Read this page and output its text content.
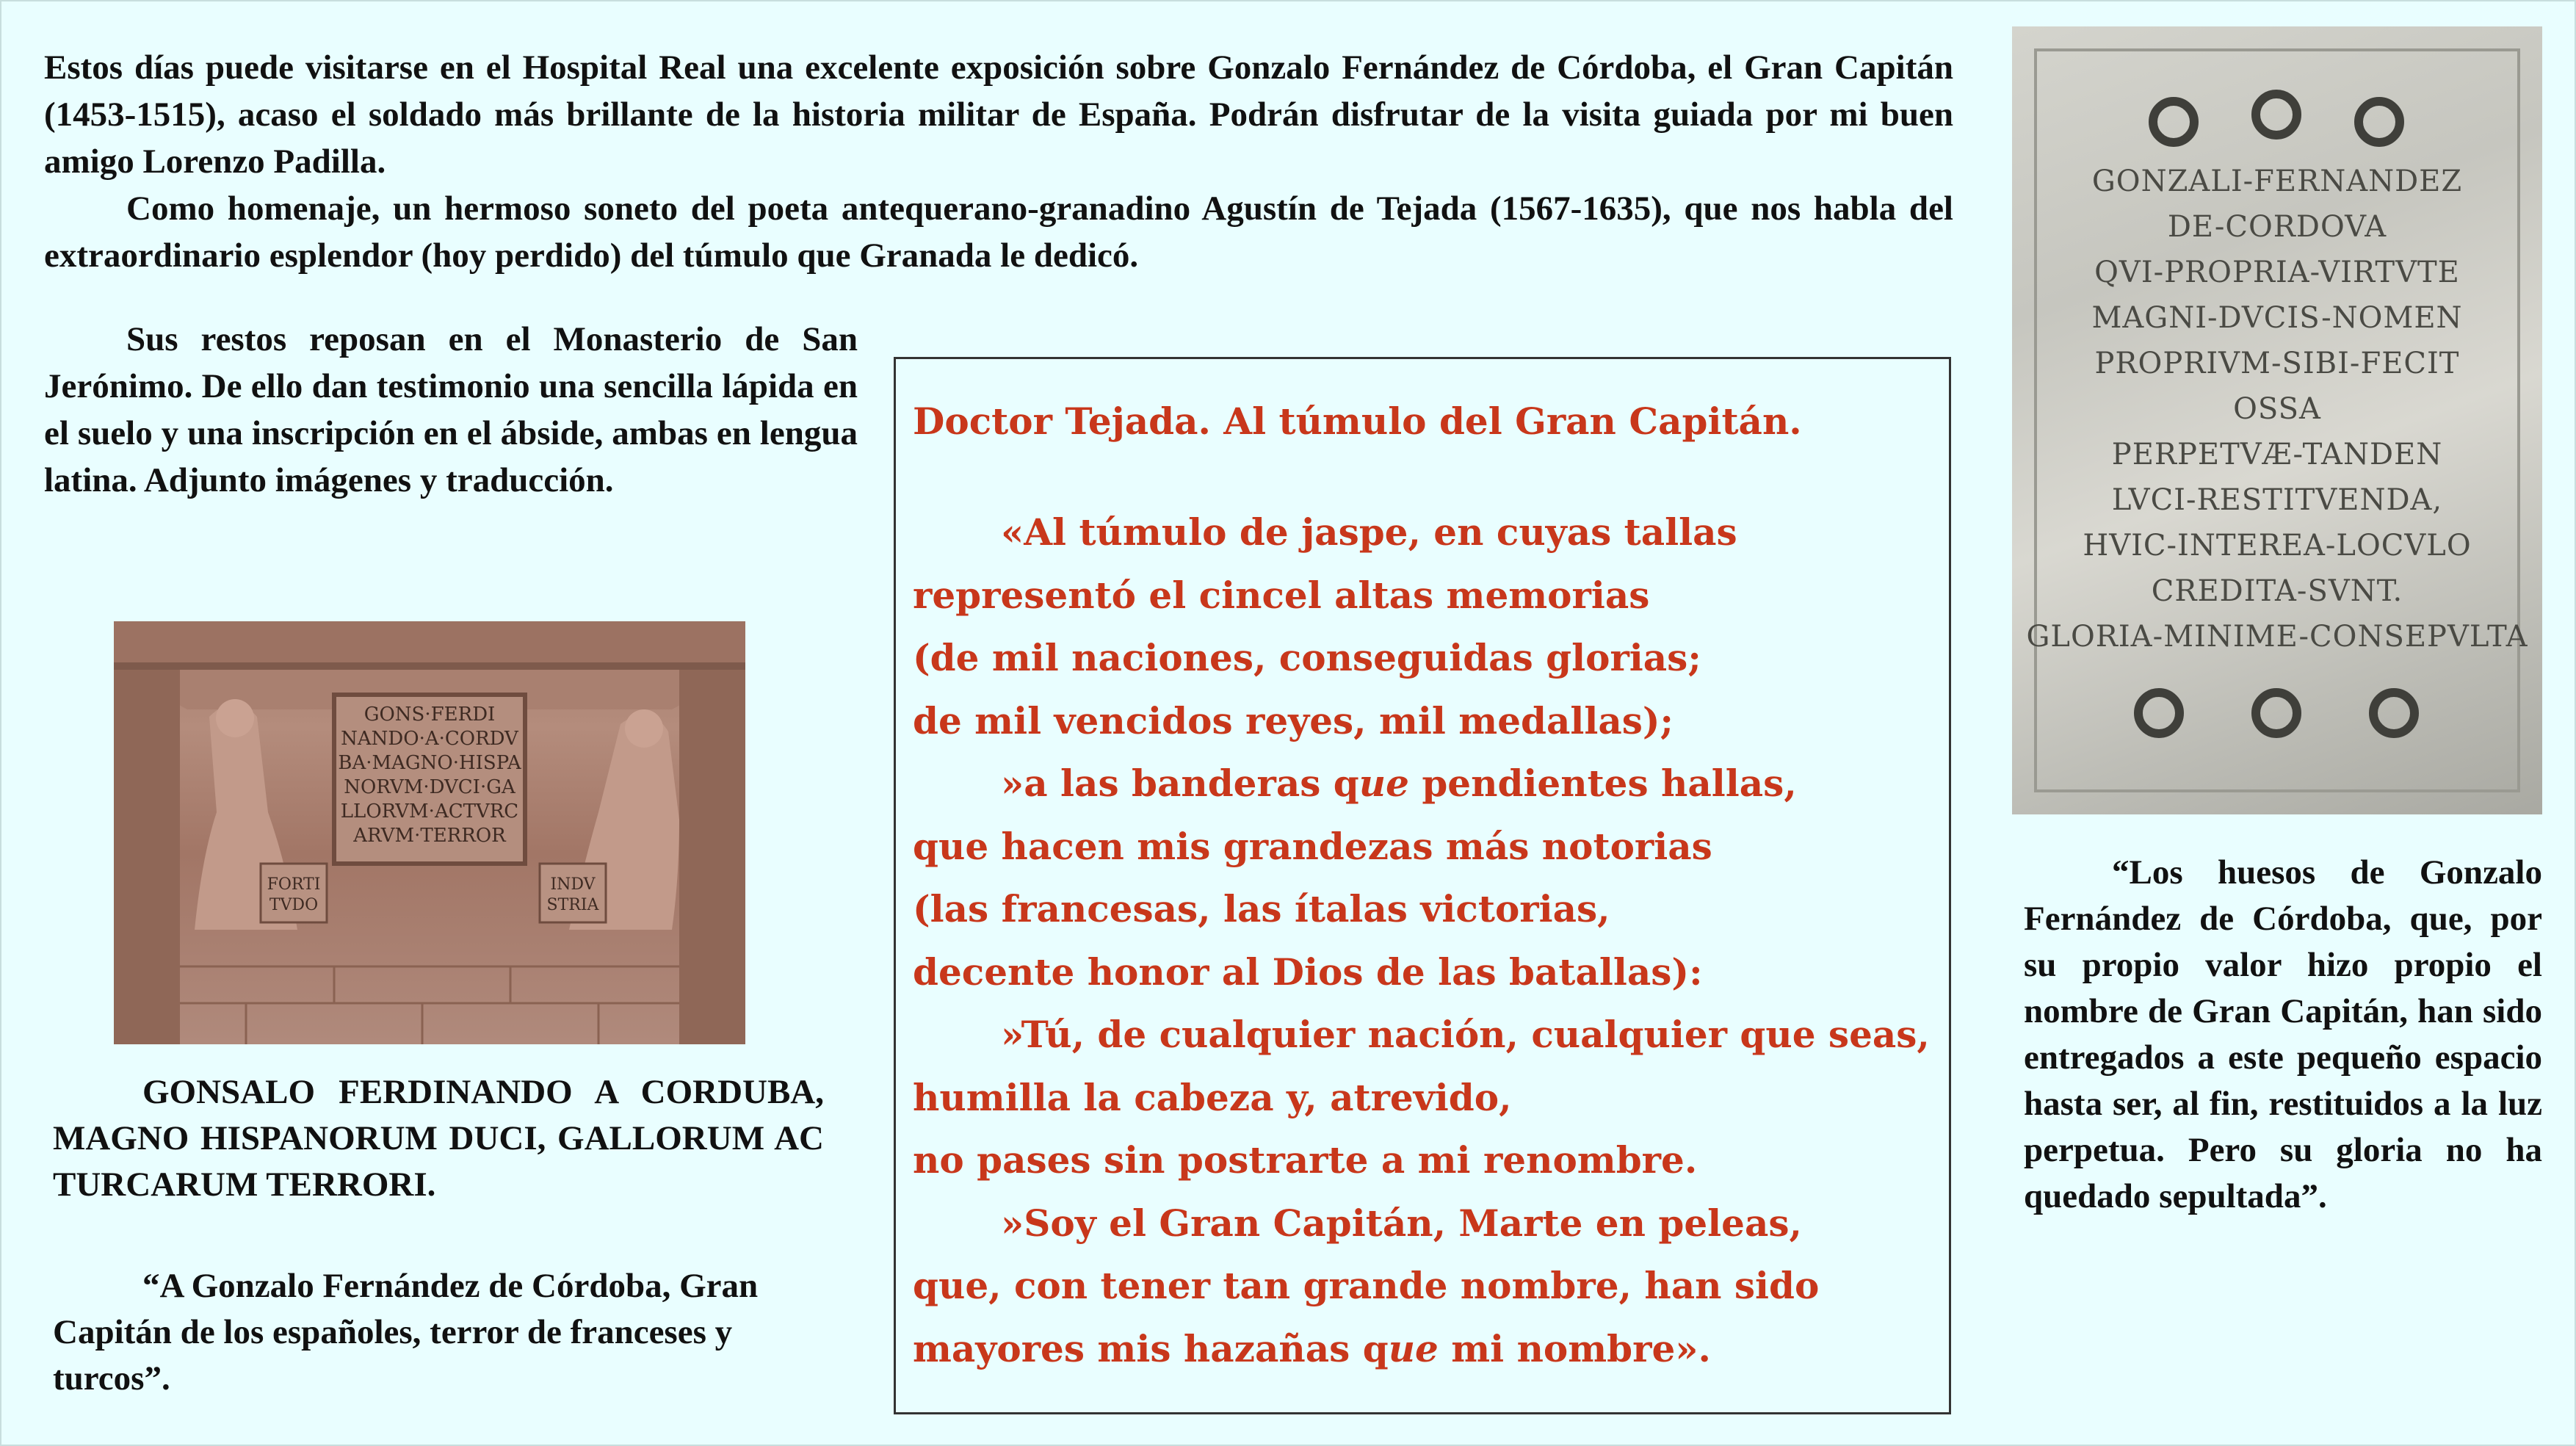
Estos días puede visitarse en el Hospital Real una excelente exposición sobre Gonzalo Fernández de Córdoba, el Gran Capitán (1453-1515), acaso el soldado más brillante de la historia militar de España. Podrán disfrutar de la visita guiada por mi buen amigo Lorenzo Padilla.

Como homenaje, un hermoso soneto del poeta antequerano-granadino Agustín de Tejada (1567-1635), que nos habla del extraordinario esplendor (hoy perdido) del túmulo que Granada le dedicó.

Sus restos reposan en el Monasterio de San Jerónimo. De ello dan testimonio una sencilla lápida en el suelo y una inscripción en el ábside, ambas en lengua latina. Adjunto imágenes y traducción.

GONS·FERDI
NANDO·A·CORDV
BA·MAGNO·HISPA
NORVM·DVCI·GA
LLORVM·ACTVRC
ARVM·TERROR
FORTI
TVDO
INDV
STRIA

GONSALO FERDINANDO A CORDUBA, MAGNO HISPANORUM DUCI, GALLORUM AC TURCARUM TERRORI.

“A Gonzalo Fernández de Córdoba, Gran Capitán de los españoles, terror de franceses y turcos”.

Doctor Tejada. Al túmulo del Gran Capitán.

«Al túmulo de jaspe, en cuyas tallas
representó el cincel altas memorias
(de mil naciones, conseguidas glorias;
de mil vencidos reyes, mil medallas);
»a las banderas que pendientes hallas,
que hacen mis grandezas más notorias
(las francesas, las ítalas victorias,
decente honor al Dios de las batallas):
»Tú, de cualquier nación, cualquier que seas,
humilla la cabeza y, atrevido,
no pases sin postrarte a mi renombre.
»Soy el Gran Capitán, Marte en peleas,
que, con tener tan grande nombre, han sido
mayores mis hazañas que mi nombre».
GONZALI-FERNANDEZ
DE-CORDOVA
QVI-PROPRIA-VIRTVTE
MAGNI-DVCIS-NOMEN
PROPRIVM-SIBI-FECIT
OSSA
PERPETVÆ-TANDEN
LVCI-RESTITVENDA,
HVIC-INTEREA-LOCVLO
CREDITA-SVNT.
GLORIA-MINIME-CONSEPVLTA

“Los huesos de Gonzalo Fernández de Córdoba, que, por su propio valor hizo propio el nombre de Gran Capitán, han sido entregados a este pequeño espacio hasta ser, al fin, restituidos a la luz perpetua. Pero su gloria no ha quedado sepultada”.
